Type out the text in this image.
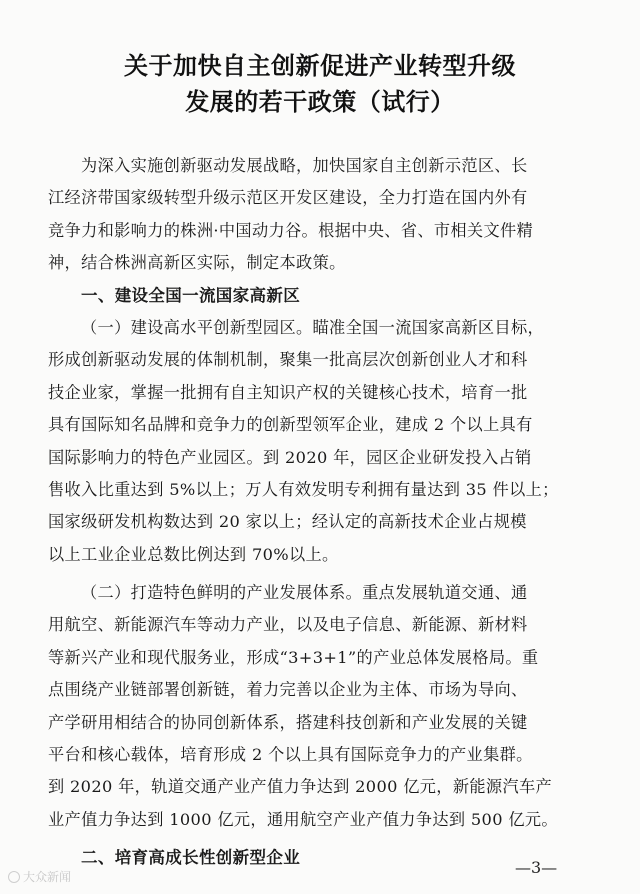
关于加快自主创新促进产业转型升级
发展的若干政策（试行）
为深入实施创新驱动发展战略，加快国家自主创新示范区、长
江经济带国家级转型升级示范区开发区建设，全力打造在国内外有
竞争力和影响力的株洲·中国动力谷。根据中央、省、市相关文件精
神，结合株洲高新区实际，制定本政策。
一、建设全国一流国家高新区
（一）建设高水平创新型园区。瞄准全国一流国家高新区目标，
形成创新驱动发展的体制机制，聚集一批高层次创新创业人才和科
技企业家，掌握一批拥有自主知识产权的关键核心技术，培育一批
具有国际知名品牌和竞争力的创新型领军企业，建成 2 个以上具有
国际影响力的特色产业园区。到 2020 年，园区企业研发投入占销
售收入比重达到 5%以上；万人有效发明专利拥有量达到 35 件以上；
国家级研发机构数达到 20 家以上；经认定的高新技术企业占规模
以上工业企业总数比例达到 70%以上。
（二）打造特色鲜明的产业发展体系。重点发展轨道交通、通
用航空、新能源汽车等动力产业，以及电子信息、新能源、新材料
等新兴产业和现代服务业，形成“3+3+1”的产业总体发展格局。重
点围绕产业链部署创新链，着力完善以企业为主体、市场为导向、
产学研用相结合的协同创新体系，搭建科技创新和产业发展的关键
平台和核心载体，培育形成 2 个以上具有国际竞争力的产业集群。
到 2020 年，轨道交通产业产值力争达到 2000 亿元，新能源汽车产
业产值力争达到 1000 亿元，通用航空产业产值力争达到 500 亿元。
二、培育高成长性创新型企业
—3—
大众新闻
